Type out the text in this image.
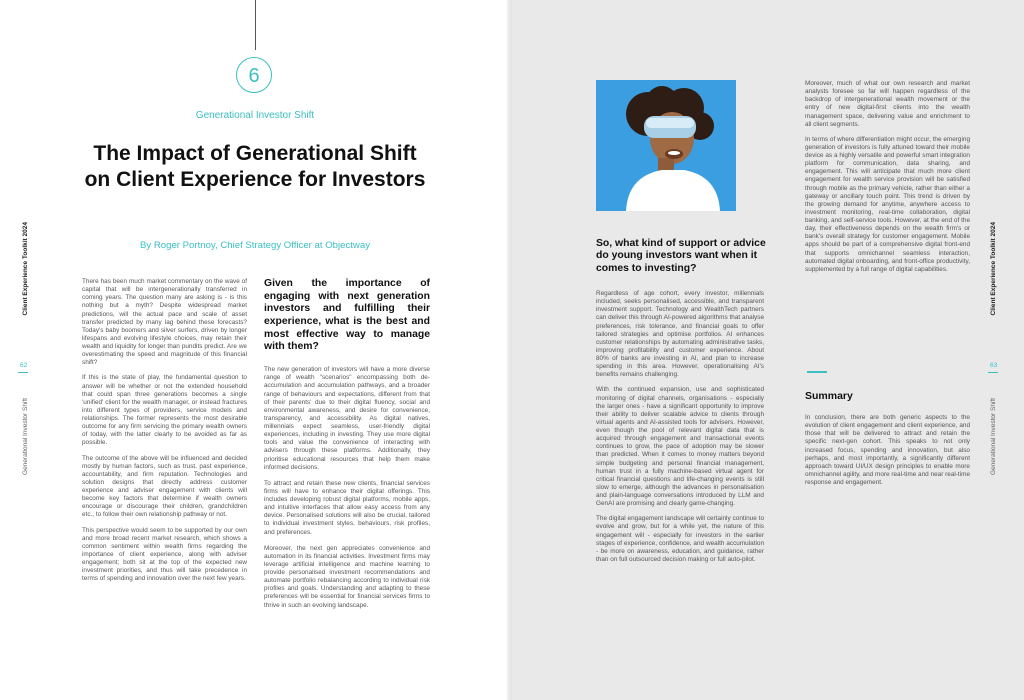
6
Generational Investor Shift
The Impact of Generational Shift on Client Experience for Investors
By Roger Portnoy, Chief Strategy Officer at Objectway
Client Experience Toolkit 2024
62
Generational Investor Shift

There has been much market commentary on the wave of capital that will be intergenerationally transferred in coming years. The question many are asking is - is this nothing but a myth? Despite widespread market predictions, will the actual pace and scale of asset transfer predicted by many lag behind these forecasts? Today's baby boomers and silver surfers, driven by longer lifespans and evolving lifestyle choices, may retain their wealth and liquidity for longer than pundits predict. Are we overestimating the speed and magnitude of this financial shift?

If this is the state of play, the fundamental question to answer will be whether or not the extended household that could span three generations becomes a single 'unified' client for the wealth manager, or instead fractures into different types of providers, service models and relationships. The former represents the most desirable outcome for any firm servicing the primary wealth owners of today, with the latter clearly to be avoided as far as possible.

The outcome of the above will be influenced and decided mostly by human factors, such as trust, past experience, accountability, and firm reputation. Technologies and solution designs that directly address customer experience and adviser engagement with clients will become key factors that determine if wealth owners encourage or discourage their children, grandchildren etc., to follow their own relationship pathway or not.

This perspective would seem to be supported by our own and more broad recent market research, which shows a common sentiment within wealth firms regarding the importance of client experience, along with adviser engagement; both sit at the top of the expected new investment priorities, and thus will take precedence in terms of spending and innovation over the next few years.

Given the importance of engaging with next generation investors and fulfilling their experience, what is the best and most effective way to manage with them?

The new generation of investors will have a more diverse range of wealth "scenarios" encompassing both de-accumulation and accumulation pathways, and a broader range of behaviours and expectations, different from that of their parents' due to their digital fluency, social and environmental awareness, and desire for convenience, transparency, and accessibility. As digital natives, millennials expect seamless, user-friendly digital experiences, including in investing. They use more digital tools and value the convenience of interacting with advisers through these platforms. Additionally, they prioritise educational resources that help them make informed decisions.

To attract and retain these new clients, financial services firms will have to enhance their digital offerings. This includes developing robust digital platforms, mobile apps, and intuitive interfaces that allow easy access from any device. Personalised solutions will also be crucial, tailored to individual investment styles, behaviours, risk profiles, and preferences.

Moreover, the next gen appreciates convenience and automation in its financial activities. Investment firms may leverage artificial intelligence and machine learning to provide personalised investment recommendations and automate portfolio rebalancing according to individual risk profiles and goals. Understanding and adapting to these preferences will be essential for financial services firms to thrive in such an evolving landscape.

Client Experience Toolkit 2024
63
Generational Investor Shift
So, what kind of support or advice do young investors want when it comes to investing?

Regardless of age cohort, every investor, millennials included, seeks personalised, accessible, and transparent investment support. Technology and WealthTech partners can deliver this through AI-powered algorithms that analyse preferences, risk tolerance, and financial goals to offer tailored strategies and optimise portfolios. AI enhances customer relationships by automating administrative tasks, improving profitability and customer experience. About 80% of banks are investing in AI, and plan to increase spending in this area. However, operationalising AI's benefits remains challenging.

With the continued expansion, use and sophisticated monitoring of digital channels, organisations - especially the larger ones - have a significant opportunity to improve their ability to deliver scalable advice to clients through virtual agents and AI-assisted tools for advisers. However, even though the pool of relevant digital data that is acquired through engagement and transactional events continues to grow, the pace of adoption may be slower than predicted. When it comes to money matters beyond simple budgeting and personal financial management, human trust in a fully machine-based virtual agent for critical financial questions and life-changing events is still slow to emerge, although the advances in personalisation and plain-language conversations introduced by LLM and GenAI are promising and clearly game-changing.

The digital engagement landscape will certainly continue to evolve and grow, but for a while yet, the nature of this engagement will - especially for investors in the earlier stages of experience, confidence, and wealth accumulation - be more on awareness, education, and guidance, rather than on full outsourced decision making or full auto-pilot.

Moreover, much of what our own research and market analysts foresee so far will happen regardless of the backdrop of intergenerational wealth movement or the entry of new digital-first clients into the wealth management space, delivering value and enrichment to all client segments.

In terms of where differentiation might occur, the emerging generation of investors is fully attuned toward their mobile device as a highly versatile and powerful smart integration platform for communication, data sharing, and engagement. This will anticipate that much more client engagement for wealth service provision will be satisfied through mobile as the primary vehicle, rather than either a gateway or ancillary touch point. This trend is driven by the growing demand for anytime, anywhere access to investment monitoring, real-time collaboration, digital banking, and self-service tools. However, at the end of the day, their effectiveness depends on the wealth firm's or bank's overall strategy for customer engagement. Mobile apps should be part of a comprehensive digital front-end that supports omnichannel seamless interaction, automated digital onboarding, and front-office productivity, supplemented by a full range of digital capabilities.

Summary

In conclusion, there are both generic aspects to the evolution of client engagement and client experience, and those that will be delivered to attract and retain the specific next-gen cohort. This speaks to not only increased focus, spending and innovation, but also perhaps, and most importantly, a significantly different approach toward UI/UX design principles to enable more omnichannel agility, and more real-time and near real-time response and engagement.
